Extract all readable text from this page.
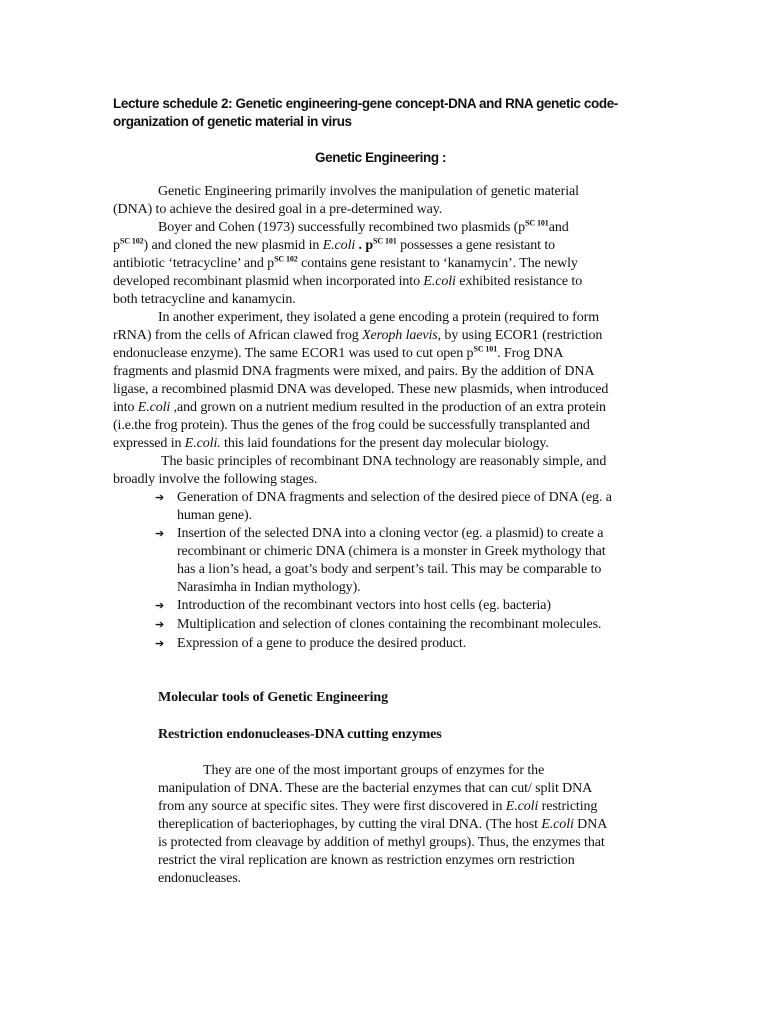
Lecture schedule 2: Genetic engineering-gene concept-DNA and RNA genetic code-
organization of genetic material in virus
Genetic Engineering :
Genetic Engineering primarily involves the manipulation of genetic material
(DNA) to achieve the desired goal in a pre-determined way.
Boyer and Cohen (1973) successfully recombined two plasmids ($p^{SC 101}and$
$p^{SC 102}$) and cloned the new plasmid in E.coli . $p^{SC 101}$ possesses a gene resistant to
antibiotic ‘tetracycline’ and $p^{SC 102}$ contains gene resistant to ‘kanamycin’. The newly
developed recombinant plasmid when incorporated into E.coli exhibited resistance to
both tetracycline and kanamycin.
In another experiment, they isolated a gene encoding a protein (required to form
rRNA) from the cells of African clawed frog Xeroph laevis, by using ECOR1 (restriction
endonuclease enzyme). The same ECOR1 was used to cut open $p^{SC 101}$. Frog DNA
fragments and plasmid DNA fragments were mixed, and pairs. By the addition of DNA
ligase, a recombined plasmid DNA was developed. These new plasmids, when introduced
into E.coli ,and grown on a nutrient medium resulted in the production of an extra protein
(i.e.the frog protein). Thus the genes of the frog could be successfully transplanted and
expressed in E.coli. this laid foundations for the present day molecular biology.
The basic principles of recombinant DNA technology are reasonably simple, and
broadly involve the following stages.
➔ Generation of DNA fragments and selection of the desired piece of DNA (eg. a
human gene).
➔ Insertion of the selected DNA into a cloning vector (eg. a plasmid) to create a
recombinant or chimeric DNA (chimera is a monster in Greek mythology that
has a lion’s head, a goat’s body and serpent’s tail. This may be comparable to
Narasimha in Indian mythology).
➔ Introduction of the recombinant vectors into host cells (eg. bacteria)
➔ Multiplication and selection of clones containing the recombinant molecules.
➔ Expression of a gene to produce the desired product.
Molecular tools of Genetic Engineering
Restriction endonucleases-DNA cutting enzymes
They are one of the most important groups of enzymes for the
manipulation of DNA. These are the bacterial enzymes that can cut/ split DNA
from any source at specific sites. They were first discovered in E.coli restricting
thereplication of bacteriophages, by cutting the viral DNA. (The host E.coli DNA
is protected from cleavage by addition of methyl groups). Thus, the enzymes that
restrict the viral replication are known as restriction enzymes orn restriction
endonucleases.
